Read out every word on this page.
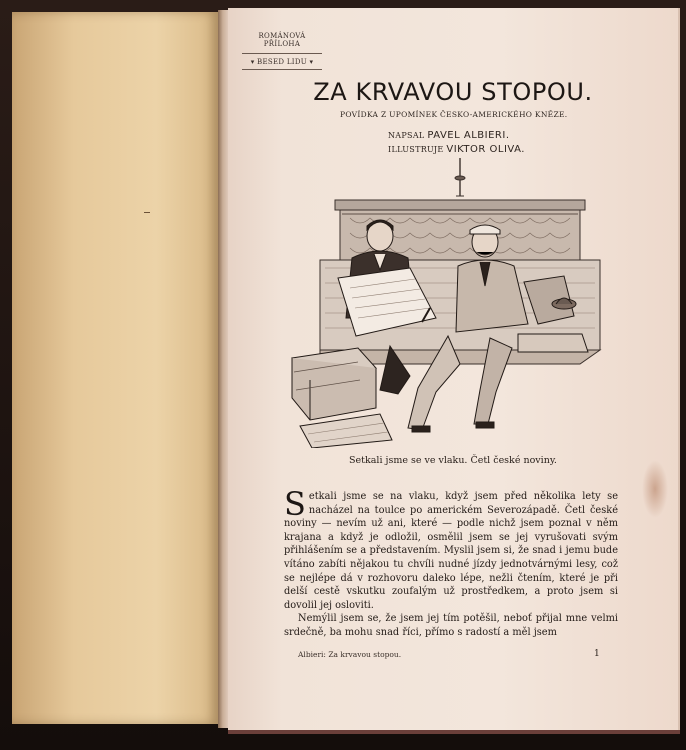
ROMÁNOVÁ PŘÍLOHA
▾ BESED LIDU ▾
ZA KRVAVOU STOPOU.
POVÍDKA Z UPOMÍNEK ČESKO-AMERICKÉHO KNĚZE.
NAPSAL PAVEL ALBIERI.
ILLUSTRUJE VIKTOR OLIVA.
Setkali jsme se ve vlaku. Četl české noviny.

Setkali jsme se na vlaku, když jsem před několika lety se nacházel na toulce po americkém Severozápadě. Četl české noviny — nevím už ani, které — podle nichž jsem poznal v něm krajana a když je odložil, osmělil jsem se jej vyrušovati svým přihlášením se a představením. Myslil jsem si, že snad i jemu bude vítáno zabíti nějakou tu chvíli nudné jízdy jednotvárnými lesy, což se nejlépe dá v rozhovoru daleko lépe, nežli čtením, které je při delší cestě vskutku zoufalým už prostředkem, a proto jsem si dovolil jej osloviti.

Nemýlil jsem se, že jsem jej tím potěšil, neboť přijal mne velmi srdečně, ba mohu snad říci, přímo s radostí a měl jsem

Albieri: Za krvavou stopou.	1
